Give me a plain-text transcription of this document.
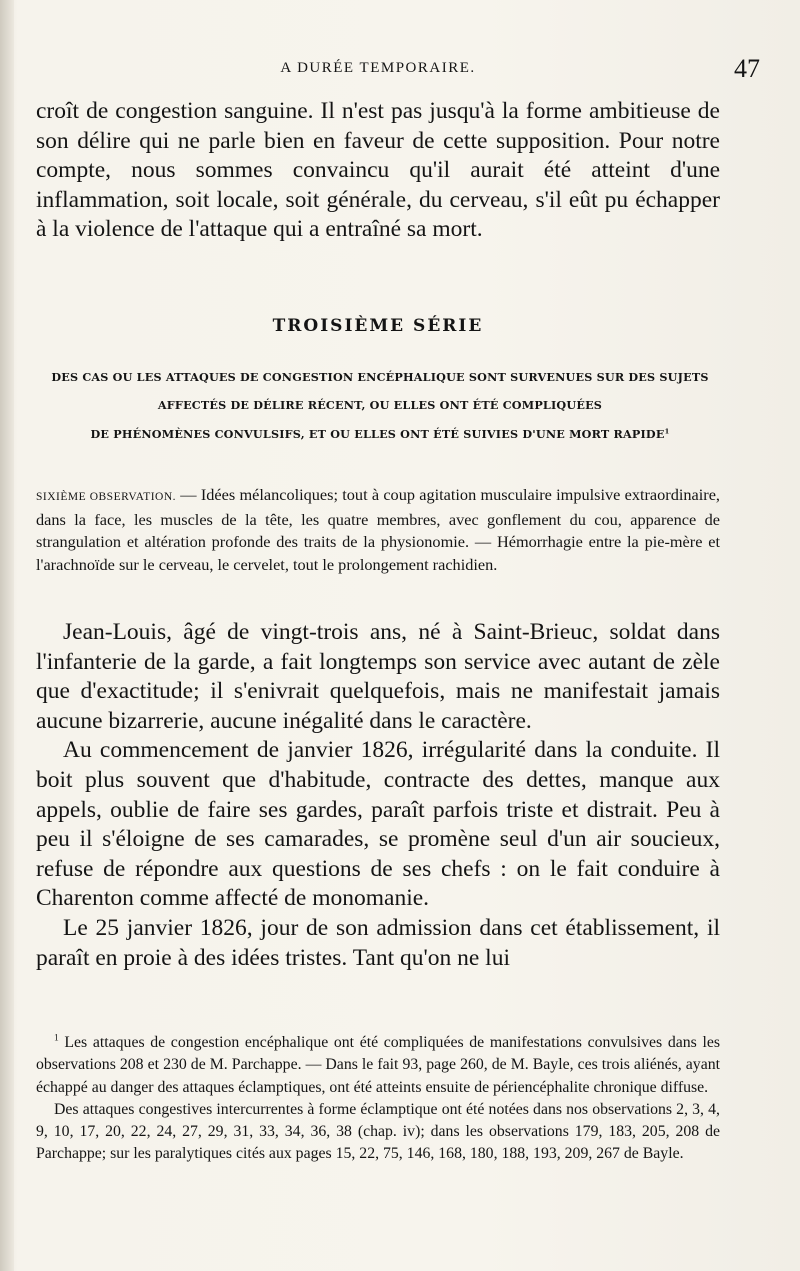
A DURÉE TEMPORAIRE.	47

croît de congestion sanguine. Il n'est pas jusqu'à la forme ambitieuse de son délire qui ne parle bien en faveur de cette supposition. Pour notre compte, nous sommes convaincu qu'il aurait été atteint d'une inflammation, soit locale, soit générale, du cerveau, s'il eût pu échapper à la violence de l'attaque qui a entraîné sa mort.

TROISIÈME SÉRIE
DES CAS OU LES ATTAQUES DE CONGESTION ENCÉPHALIQUE SONT SURVENUES SUR DES SUJETS
AFFECTÉS DE DÉLIRE RÉCENT, OU ELLES ONT ÉTÉ COMPLIQUÉES
DE PHÉNOMÈNES CONVULSIFS, ET OU ELLES ONT ÉTÉ SUIVIES D'UNE MORT RAPIDE$^1$
SIXIÈME OBSERVATION. — Idées mélancoliques; tout à coup agitation musculaire impulsive extraordinaire, dans la face, les muscles de la tête, les quatre membres, avec gonflement du cou, apparence de strangulation et altération profonde des traits de la physionomie. — Hémorrhagie entre la pie-mère et l'arachnoïde sur le cerveau, le cervelet, tout le prolongement rachidien.

Jean-Louis, âgé de vingt-trois ans, né à Saint-Brieuc, soldat dans l'infanterie de la garde, a fait longtemps son service avec autant de zèle que d'exactitude; il s'enivrait quelquefois, mais ne manifestait jamais aucune bizarrerie, aucune inégalité dans le caractère.

Au commencement de janvier 1826, irrégularité dans la conduite. Il boit plus souvent que d'habitude, contracte des dettes, manque aux appels, oublie de faire ses gardes, paraît parfois triste et distrait. Peu à peu il s'éloigne de ses camarades, se promène seul d'un air soucieux, refuse de répondre aux questions de ses chefs : on le fait conduire à Charenton comme affecté de monomanie.

Le 25 janvier 1826, jour de son admission dans cet établissement, il paraît en proie à des idées tristes. Tant qu'on ne lui

$^1$ Les attaques de congestion encéphalique ont été compliquées de manifestations convulsives dans les observations 208 et 230 de M. Parchappe. — Dans le fait 93, page 260, de M. Bayle, ces trois aliénés, ayant échappé au danger des attaques éclamptiques, ont été atteints ensuite de périencéphalite chronique diffuse.

Des attaques congestives intercurrentes à forme éclamptique ont été notées dans nos observations 2, 3, 4, 9, 10, 17, 20, 22, 24, 27, 29, 31, 33, 34, 36, 38 (chap. iv); dans les observations 179, 183, 205, 208 de Parchappe; sur les paralytiques cités aux pages 15, 22, 75, 146, 168, 180, 188, 193, 209, 267 de Bayle.
